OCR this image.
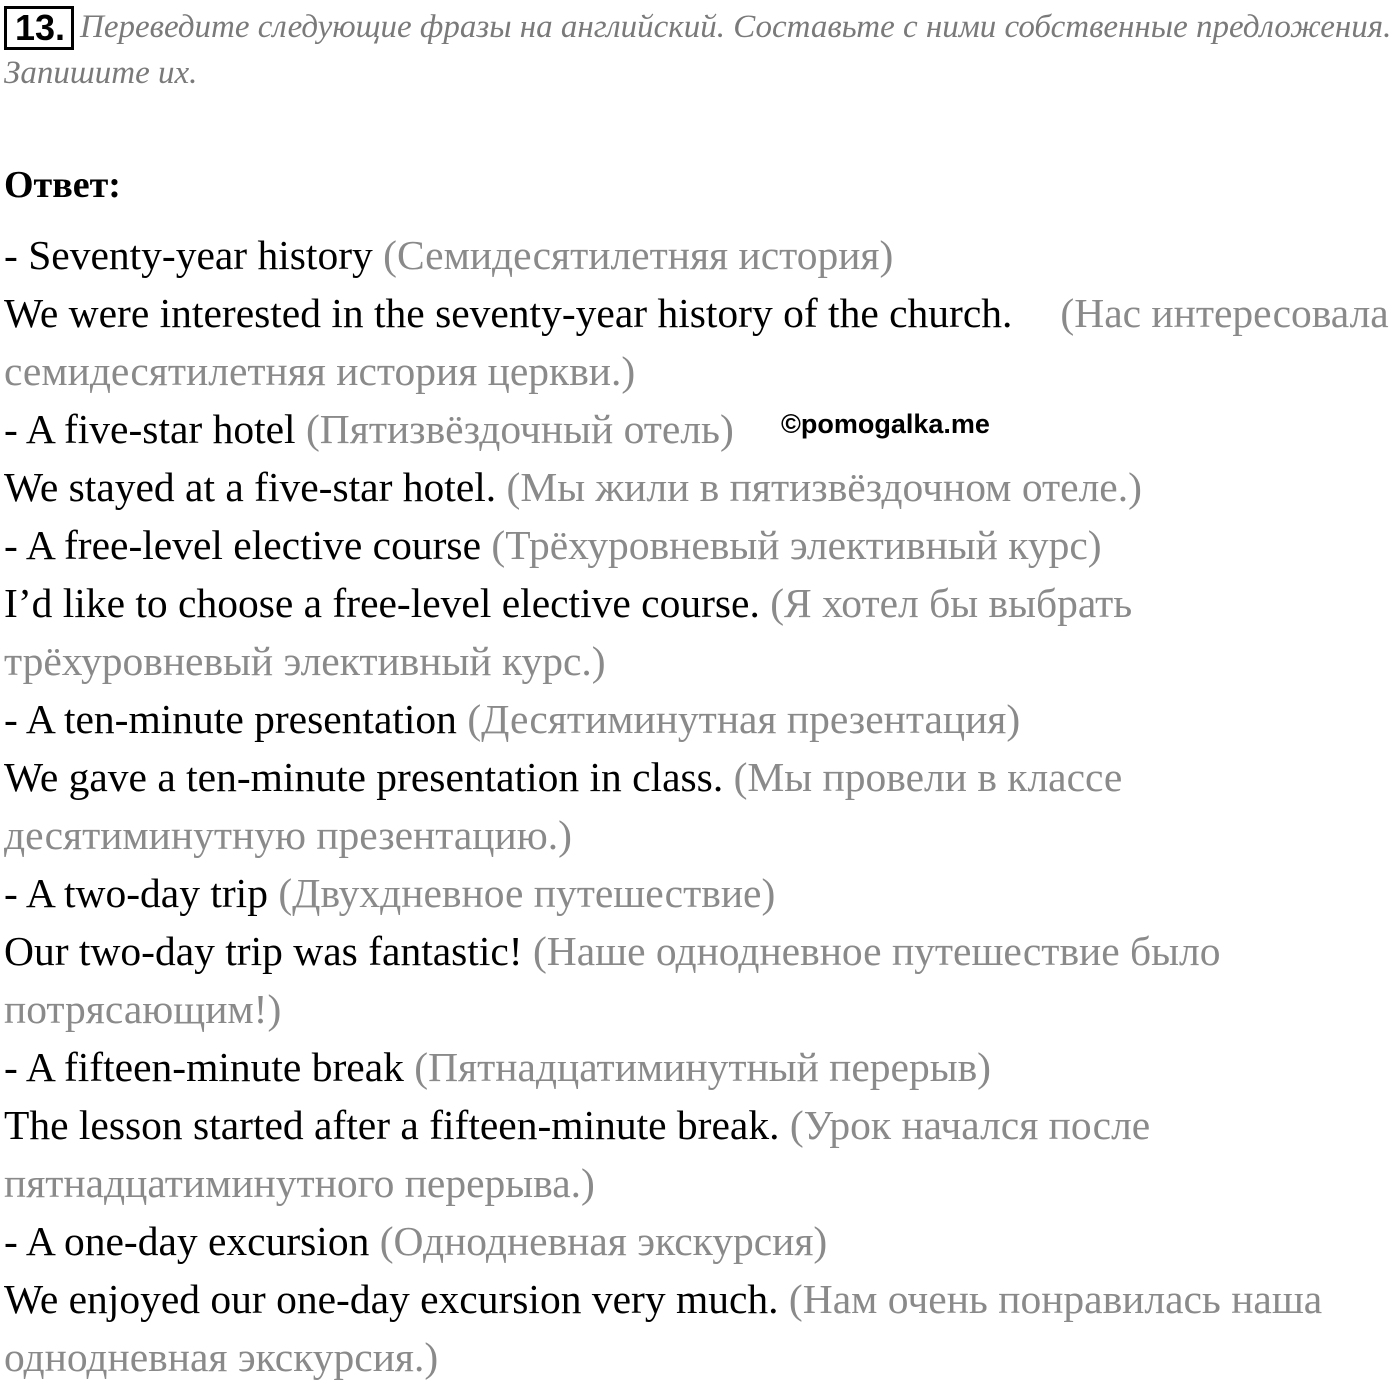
13. Переведите следующие фразы на английский. Составьте с ними собственные предложения. Запишите их.
Ответ:

- Seventy-year history (Семидесятилетняя история)

We were interested in the seventy-year history of the church. (Нас интересовала семидесятилетняя история церкви.)

- A five-star hotel (Пятизвёздочный отель)

We stayed at a five-star hotel. (Мы жили в пятизвёздочном отеле.)

- A free-level elective course (Трёхуровневый элективный курс)

I’d like to choose a free-level elective course. (Я хотел бы выбрать трёхуровневый элективный курс.)

- A ten-minute presentation (Десятиминутная презентация)

We gave a ten-minute presentation in class. (Мы провели в классе десятиминутную презентацию.)

- A two-day trip (Двухдневное путешествие)

Our two-day trip was fantastic! (Наше однодневное путешествие было потрясающим!)

- A fifteen-minute break (Пятнадцатиминутный перерыв)

The lesson started after a fifteen-minute break. (Урок начался после пятнадцатиминутного перерыва.)

- A one-day excursion (Однодневная экскурсия)

We enjoyed our one-day excursion very much. (Нам очень понравилась наша однодневная экскурсия.)

©pomogalka.me
